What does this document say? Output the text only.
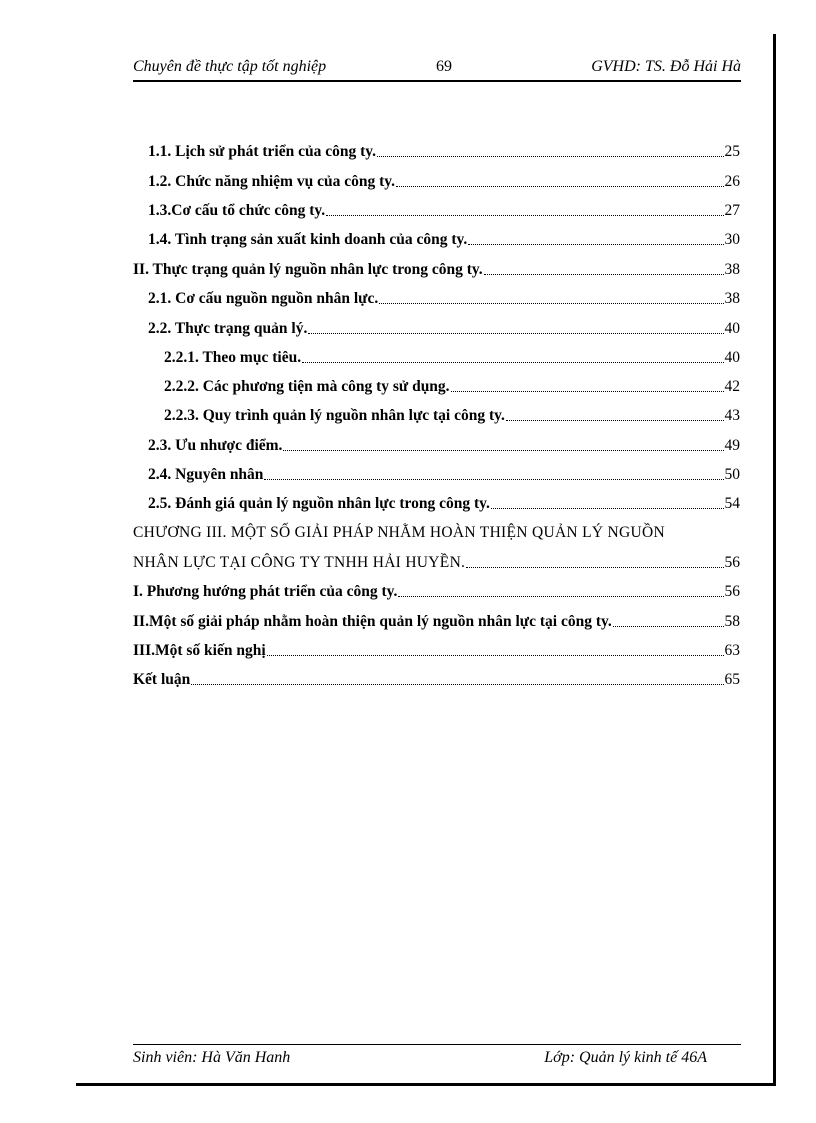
Chuyên đề thực tập tốt nghiệp	69	GVHD: TS. Đỗ Hải Hà
1.1. Lịch sử phát triển của công ty.	25
1.2. Chức năng nhiệm vụ của công ty.	26
1.3.Cơ cấu tổ chức công ty.	27
1.4. Tình trạng sản xuất kinh doanh của công ty.	30
II. Thực trạng quản lý nguồn nhân lực trong công ty.	38
2.1. Cơ cấu nguồn nguồn nhân lực.	38
2.2. Thực trạng quản lý.	40
2.2.1. Theo mục tiêu.	40
2.2.2. Các phương tiện mà công ty sử dụng.	42
2.2.3. Quy trình quản lý nguồn nhân lực tại công ty.	43
2.3. Ưu nhược điểm.	49
2.4. Nguyên nhân	50
2.5. Đánh giá quản lý nguồn nhân lực trong công ty.	54
CHƯƠNG III. MỘT SỐ GIẢI PHÁP NHẰM HOÀN THIỆN QUẢN LÝ NGUỒN
NHÂN LỰC TẠI CÔNG TY TNHH HẢI HUYỀN.	56
I. Phương hướng phát triển của công ty.	56
II.Một số giải pháp nhằm hoàn thiện quản lý nguồn nhân lực tại công ty.	58
III.Một số kiến nghị	63
Kết luận	65
Sinh viên: Hà Văn Hanh	Lớp: Quản lý kinh tế 46A
